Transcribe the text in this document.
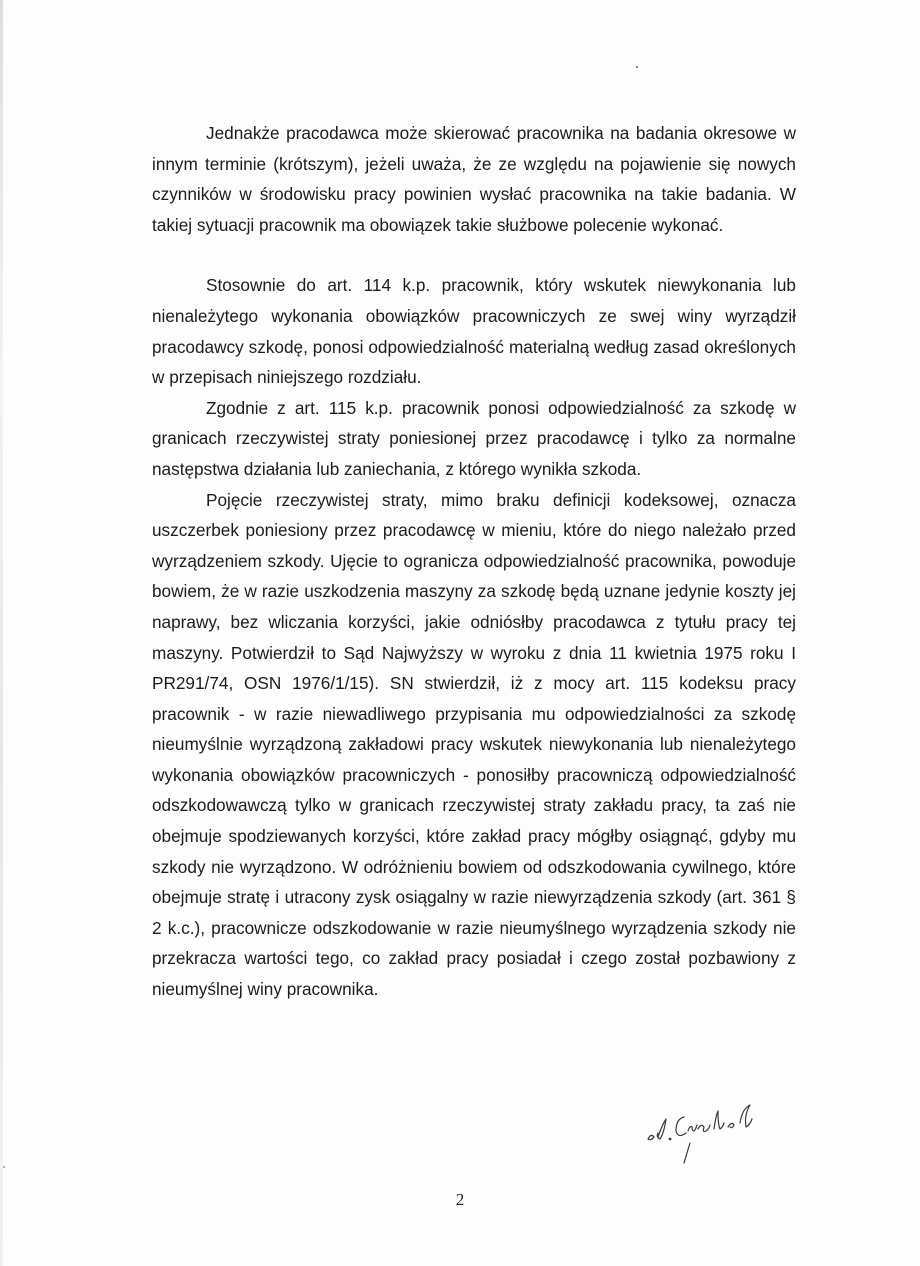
Jednakże pracodawca może skierować pracownika na badania okresowe w innym terminie (krótszym), jeżeli uważa, że ze względu na pojawienie się nowych czynników w środowisku pracy powinien wysłać pracownika na takie badania. W takiej sytuacji pracownik ma obowiązek takie służbowe polecenie wykonać.

Stosownie do art. 114 k.p. pracownik, który wskutek niewykonania lub nienależytego wykonania obowiązków pracowniczych ze swej winy wyrządził pracodawcy szkodę, ponosi odpowiedzialność materialną według zasad określonych w przepisach niniejszego rozdziału.

Zgodnie z art. 115 k.p. pracownik ponosi odpowiedzialność za szkodę w granicach rzeczywistej straty poniesionej przez pracodawcę i tylko za normalne następstwa działania lub zaniechania, z którego wynikła szkoda.

Pojęcie rzeczywistej straty, mimo braku definicji kodeksowej, oznacza uszczerbek poniesiony przez pracodawcę w mieniu, które do niego należało przed wyrządzeniem szkody. Ujęcie to ogranicza odpowiedzialność pracownika, powoduje bowiem, że w razie uszkodzenia maszyny za szkodę będą uznane jedynie koszty jej naprawy, bez wliczania korzyści, jakie odniósłby pracodawca z tytułu pracy tej maszyny. Potwierdził to Sąd Najwyższy w wyroku z dnia 11 kwietnia 1975 roku I PR291/74, OSN 1976/1/15). SN stwierdził, iż z mocy art. 115 kodeksu pracy pracownik - w razie niewadliwego przypisania mu odpowiedzialności za szkodę nieumyślnie wyrządzoną zakładowi pracy wskutek niewykonania lub nienależytego wykonania obowiązków pracowniczych - ponosiłby pracowniczą odpowiedzialność odszkodowawczą tylko w granicach rzeczywistej straty zakładu pracy, ta zaś nie obejmuje spodziewanych korzyści, które zakład pracy mógłby osiągnąć, gdyby mu szkody nie wyrządzono. W odróżnieniu bowiem od odszkodowania cywilnego, które obejmuje stratę i utracony zysk osiągalny w razie niewyrządzenia szkody (art. 361 § 2 k.c.), pracownicze odszkodowanie w razie nieumyślnego wyrządzenia szkody nie przekracza wartości tego, co zakład pracy posiadał i czego został pozbawiony z nieumyślnej winy pracownika.

2
